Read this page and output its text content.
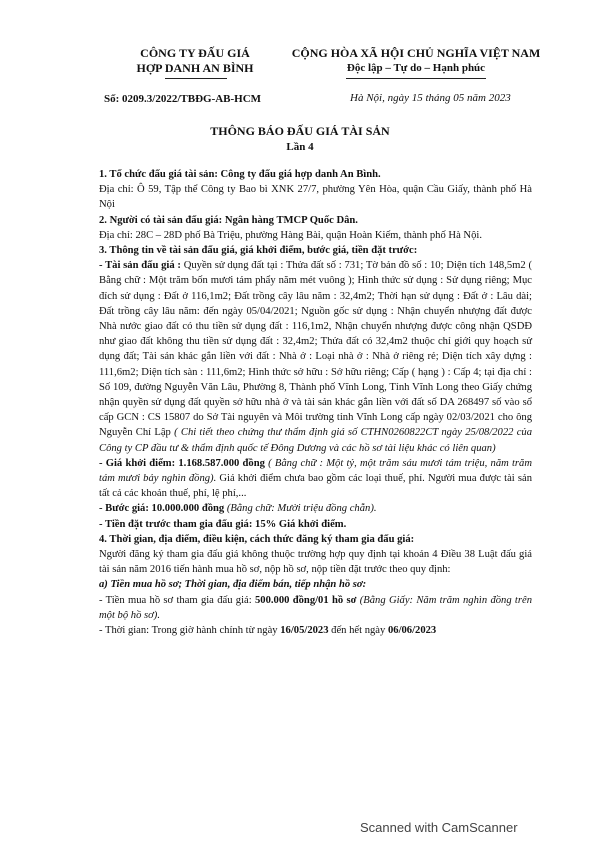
CÔNG TY ĐẤU GIÁ
HỢP DANH AN BÌNH
CỘNG HÒA XÃ HỘI CHỦ NGHĨA VIỆT NAM
Độc lập – Tự do – Hạnh phúc
Số: 0209.3/2022/TBĐG-AB-HCM	Hà Nội, ngày 15 tháng 05 năm 2023
THÔNG BÁO ĐẤU GIÁ TÀI SẢN
Lần 4

1. Tổ chức đấu giá tài sản: Công ty đấu giá hợp danh An Bình.

Địa chỉ: Ô 59, Tập thể Công ty Bao bì XNK 27/7, phường Yên Hòa, quận Cầu Giấy, thành phố Hà Nội

2. Người có tài sản đấu giá: Ngân hàng TMCP Quốc Dân.

Địa chỉ: 28C – 28D phố Bà Triệu, phường Hàng Bài, quận Hoàn Kiếm, thành phố Hà Nội.

3. Thông tin về tài sản đấu giá, giá khởi điểm, bước giá, tiền đặt trước:

- Tài sản đấu giá : Quyền sử dụng đất tại : Thửa đất số : 731; Tờ bản đồ số : 10; Diện tích 148,5m2 ( Bằng chữ : Một trăm bốn mươi tám phẩy năm mét vuông ); Hình thức sử dụng : Sử dụng riêng; Mục đích sử dụng : Đất ở 116,1m2; Đất trồng cây lâu năm : 32,4m2; Thời hạn sử dụng : Đất ở : Lâu dài; Đất trồng cây lâu năm: đến ngày 05/04/2021; Nguồn gốc sử dụng : Nhận chuyển nhượng đất được Nhà nước giao đất có thu tiền sử dụng đất : 116,1m2, Nhận chuyển nhượng được công nhận QSDĐ như giao đất không thu tiền sử dụng đất : 32,4m2; Thửa đất có 32,4m2 thuộc chỉ giới quy hoạch sử dụng đất; Tài sản khác gắn liền với đất : Nhà ở : Loại nhà ở : Nhà ở riêng rẻ; Diện tích xây dựng : 111,6m2; Diện tích sàn : 111,6m2; Hình thức sở hữu : Sở hữu riêng; Cấp ( hạng ) : Cấp 4; tại địa chỉ : Số 109, đường Nguyễn Văn Lâu, Phường 8, Thành phố Vĩnh Long, Tỉnh Vĩnh Long theo Giấy chứng nhận quyền sử dụng đất quyền sở hữu nhà ở và tài sản khác gắn liền với đất số DA 268497 số vào sổ cấp GCN : CS 15807 do Sở Tài nguyên và Môi trường tỉnh Vĩnh Long cấp ngày 02/03/2021 cho ông Nguyễn Chí Lập ( Chi tiết theo chứng thư thẩm định giá số CTHN0260822CT ngày 25/08/2022 của Công ty CP đầu tư & thẩm định quốc tế Đông Dương và các hồ sơ tài liệu khác có liên quan)

- Giá khởi điểm: 1.168.587.000 đồng ( Bằng chữ : Một tỷ, một trăm sáu mươi tám triệu, năm trăm tám mươi bảy nghìn đồng). Giá khởi điểm chưa bao gồm các loại thuế, phí. Người mua được tài sản tất cả các khoản thuế, phí, lệ phí,...

- Bước giá: 10.000.000 đồng (Bằng chữ: Mười triệu đồng chẵn).

- Tiền đặt trước tham gia đấu giá: 15% Giá khởi điểm.

4. Thời gian, địa điểm, điều kiện, cách thức đăng ký tham gia đấu giá:

Người đăng ký tham gia đấu giá không thuộc trường hợp quy định tại khoản 4 Điều 38 Luật đấu giá tài sản năm 2016 tiến hành mua hồ sơ, nộp hồ sơ, nộp tiền đặt trước theo quy định:

a) Tiền mua hồ sơ; Thời gian, địa điểm bán, tiếp nhận hồ sơ:

- Tiền mua hồ sơ tham gia đấu giá: 500.000 đồng/01 hồ sơ (Bằng Giấy: Năm trăm nghìn đồng trên một bộ hồ sơ).

- Thời gian: Trong giờ hành chính từ ngày 16/05/2023 đến hết ngày 06/06/2023

Scanned with CamScanner
